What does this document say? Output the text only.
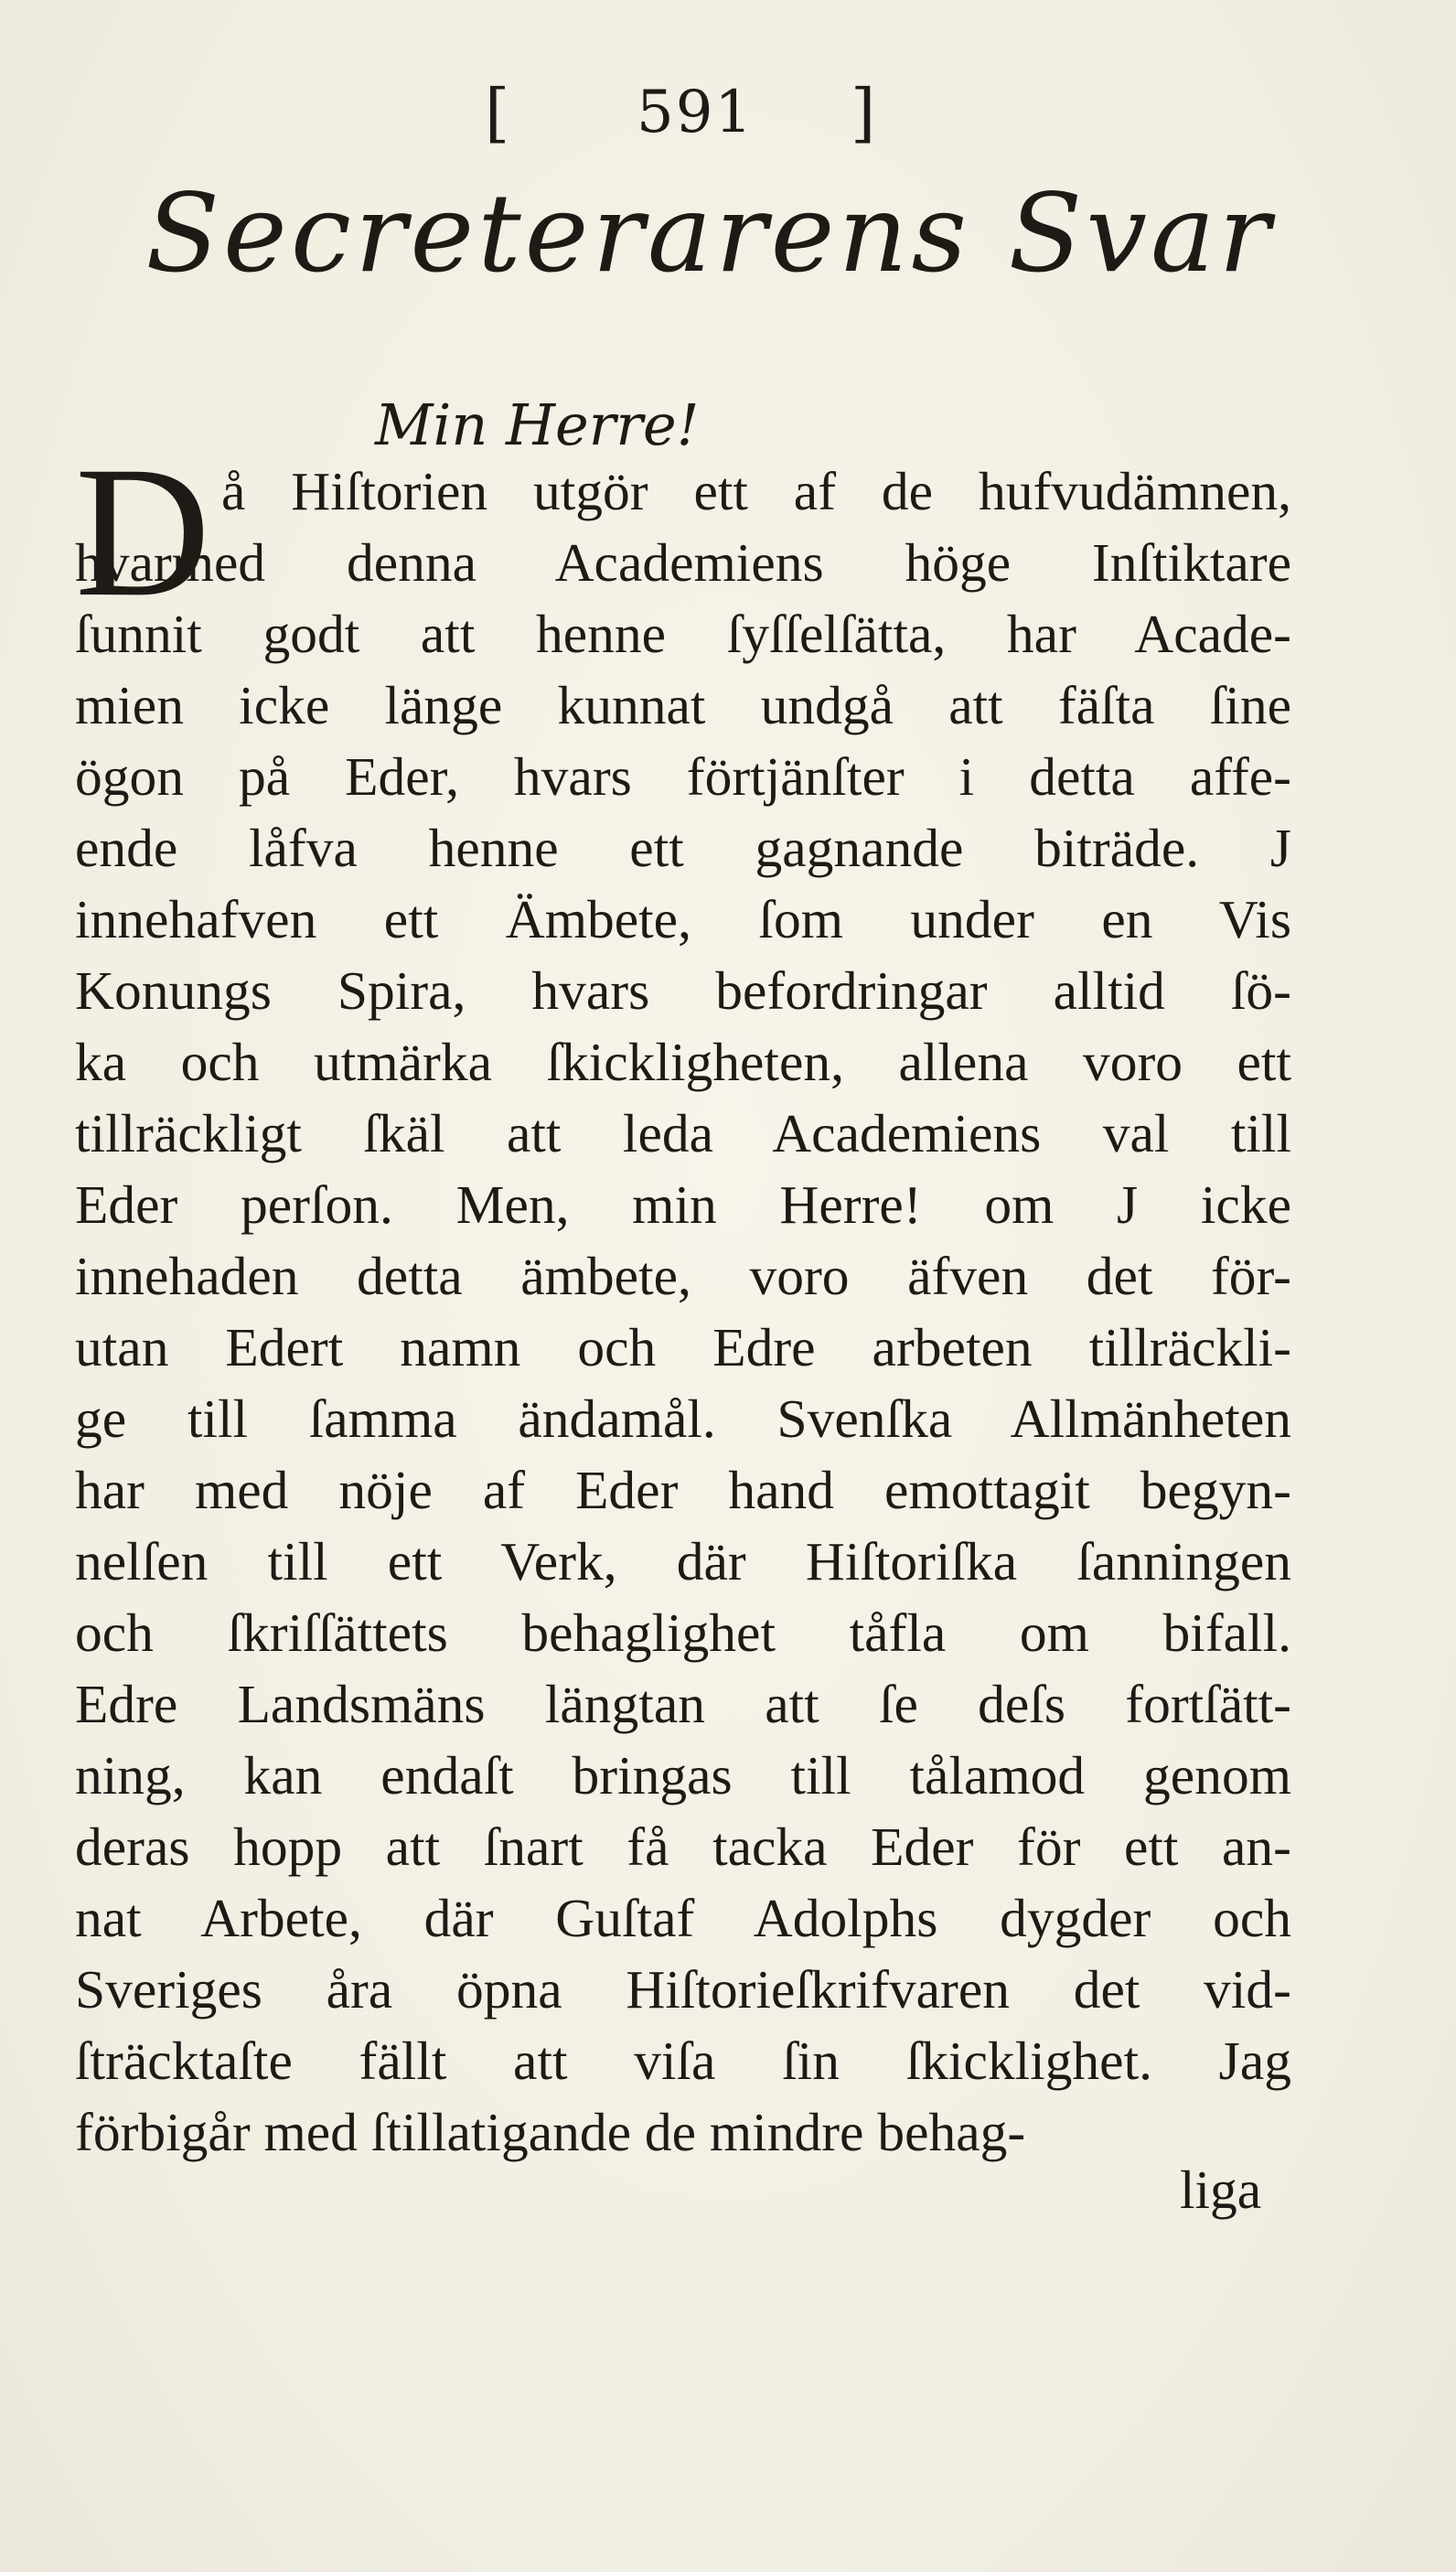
[ 591 ]
Secreterarens Svar
Min Herre!
D å Hiſtorien utgör ett af de hufvudämnen,
hvarmed denna Academiens höge Inſtiktare
ſunnit godt att henne ſyſſelſätta, har Acade-
mien icke länge kunnat undgå att fäſta ſine
ögon på Eder, hvars förtjänſter i detta affe-
ende låfva henne ett gagnande biträde. J
innehafven ett Ämbete, ſom under en Vis
Konungs Spira, hvars befordringar alltid ſö-
ka och utmärka ſkickligheten, allena voro ett
tillräckligt ſkäl att leda Academiens val till
Eder perſon. Men, min Herre! om J icke
innehaden detta ämbete, voro äfven det för-
utan Edert namn och Edre arbeten tillräckli-
ge till ſamma ändamål. Svenſka Allmänheten
har med nöje af Eder hand emottagit begyn-
nelſen till ett Verk, där Hiſtoriſka ſanningen
och ſkriſſättets behaglighet tåfla om bifall.
Edre Landsmäns längtan att ſe deſs fortſätt-
ning, kan endaſt bringas till tålamod genom
deras hopp att ſnart få tacka Eder för ett an-
nat Arbete, där Guſtaf Adolphs dygder och
Sveriges åra öpna Hiſtorieſkrifvaren det vid-
ſträcktaſte fällt att viſa ſin ſkicklighet. Jag
förbigår med ſtillatigande de mindre behag-
liga
